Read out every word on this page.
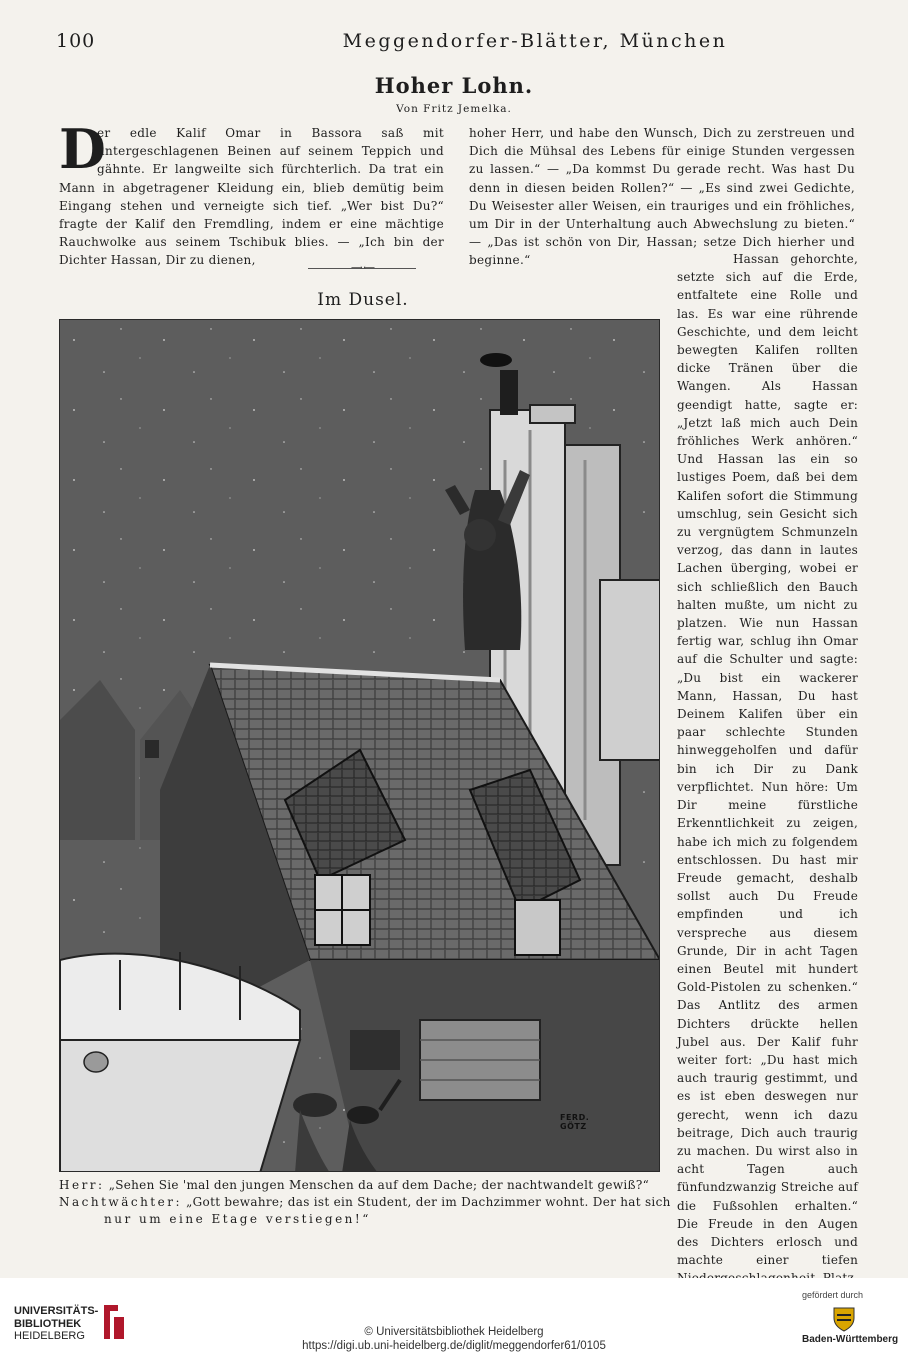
100	Meggendorfer-Blätter, München
Hoher Lohn.
Von Fritz Jemelka.
D
er edle Kalif Omar in Bassora saß mit untergeschlagenen Beinen auf seinem Teppich und gähnte. Er langweilte sich fürchterlich. Da trat ein Mann in abgetragener Kleidung ein, blieb demütig beim Eingang stehen und verneigte sich tief. „Wer bist Du?“ fragte der Kalif den Fremdling, indem er eine mächtige Rauchwolke aus seinem Tschibuk blies. — „Ich bin der Dichter Hassan, Dir zu dienen,
hoher Herr, und habe den Wunsch, Dich zu zerstreuen und Dich die Mühsal des Lebens für einige Stunden vergessen zu lassen.“ — „Da kommst Du gerade recht. Was hast Du denn in diesen beiden Rollen?“ — „Es sind zwei Gedichte, Du Weisester aller Weisen, ein trauriges und ein fröhliches, um Dir in der Unterhaltung auch Abwechslung zu bieten.“ — „Das ist schön von Dir, Hassan; setze Dich hierher und beginne.“
⟶⟵
Im Dusel.
FERD.
GÖTZ
Herr: „Sehen Sie 'mal den jungen Menschen da auf dem Dache; der nachtwandelt gewiß?“
Nachtwächter: „Gott bewahre; das ist ein Student, der im Dachzimmer wohnt. Der hat sich
nur um eine Etage verstiegen!“
Hassan gehorchte, setzte sich auf die Erde, entfaltete eine Rolle und las. Es war eine rührende Geschichte, und dem leicht bewegten Kalifen rollten dicke Tränen über die Wangen. Als Hassan geendigt hatte, sagte er: „Jetzt laß mich auch Dein fröhliches Werk anhören.“ Und Hassan las ein so lustiges Poem, daß bei dem Kalifen sofort die Stimmung umschlug, sein Gesicht sich zu vergnügtem Schmunzeln verzog, das dann in lautes Lachen überging, wobei er sich schließlich den Bauch halten mußte, um nicht zu platzen. Wie nun Hassan fertig war, schlug ihn Omar auf die Schulter und sagte: „Du bist ein wackerer Mann, Hassan, Du hast Deinem Kalifen über ein paar schlechte Stunden hinweggeholfen und dafür bin ich Dir zu Dank verpflichtet. Nun höre: Um Dir meine fürstliche Erkenntlichkeit zu zeigen, habe ich mich zu folgendem entschlossen. Du hast mir Freude gemacht, deshalb sollst auch Du Freude empfinden und ich verspreche aus diesem Grunde, Dir in acht Tagen einen Beutel mit hundert Gold-Pistolen zu schenken.“ Das Antlitz des armen Dichters drückte hellen Jubel aus. Der Kalif fuhr weiter fort: „Du hast mich auch traurig gestimmt, und es ist eben deswegen nur gerecht, wenn ich dazu beitrage, Dich auch traurig zu machen. Du wirst also in acht Tagen auch fünfundzwanzig Streiche auf die Fußsohlen erhalten.“ Die Freude in den Augen des Dichters erlosch und machte einer tiefen
UNIVERSITÄTS-
BIBLIOTHEK
HEIDELBERG	© Universitätsbibliothek Heidelberg
https://digi.ub.uni-heidelberg.de/diglit/meggendorfer61/0105
gefördert durch
Baden-Württemberg
